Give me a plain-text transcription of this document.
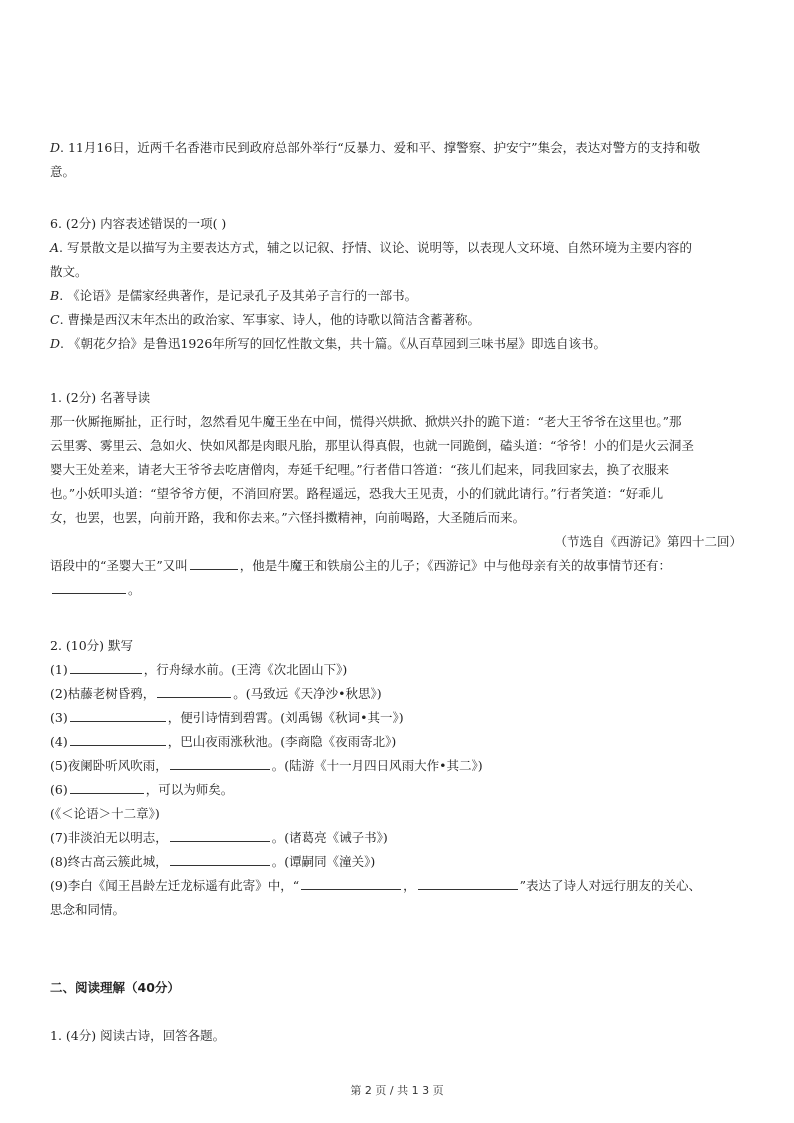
D. 11月16日，近两千名香港市民到政府总部外举行“反暴力、爱和平、撑警察、护安宁”集会，表达对警方的支持和敬
意。
6. (2分) 内容表述错误的一项( )
A. 写景散文是以描写为主要表达方式，辅之以记叙、抒情、议论、说明等，以表现人文环境、自然环境为主要内容的
散文。
B. 《论语》是儒家经典著作，是记录孔子及其弟子言行的一部书。
C. 曹操是西汉末年杰出的政治家、军事家、诗人，他的诗歌以简洁含蓄著称。
D. 《朝花夕拾》是鲁迅1926年所写的回忆性散文集，共十篇。《从百草园到三味书屋》即选自该书。
1. (2分) 名著导读
那一伙厮拖厮扯，正行时，忽然看见牛魔王坐在中间，慌得兴烘掀、掀烘兴扑的跪下道：“老大王爷爷在这里也。”那
云里雾、雾里云、急如火、快如风都是肉眼凡胎，那里认得真假，也就一同跪倒，磕头道：“爷爷！小的们是火云洞圣
婴大王处差来，请老大王爷爷去吃唐僧肉，寿延千纪哩。”行者借口答道：“孩儿们起来，同我回家去，换了衣服来
也。”小妖叩头道：“望爷爷方便，不消回府罢。路程遥远，恐我大王见责，小的们就此请行。”行者笑道：“好乖儿
女，也罢，也罢，向前开路，我和你去来。”六怪抖擞精神，向前喝路，大圣随后而来。
（节选自《西游记》第四十二回）
语段中的“圣婴大王”又叫	，他是牛魔王和铁扇公主的儿子；《西游记》中与他母亲有关的故事情节还有：
。
2. (10分) 默写
(1)	，行舟绿水前。(王湾《次北固山下》)
(2)枯藤老树昏鸦，	。(马致远《天净沙•秋思》)
(3)	，便引诗情到碧霄。(刘禹锡《秋词•其一》)
(4)	，巴山夜雨涨秋池。(李商隐《夜雨寄北》)
(5)夜阑卧听风吹雨，	。(陆游《十一月四日风雨大作•其二》)
(6)	，可以为师矣。
(《＜论语＞十二章》)
(7)非淡泊无以明志，	。(诸葛亮《诫子书》)
(8)终古高云簇此城，	。(谭嗣同《潼关》)
(9)李白《闻王昌龄左迁龙标遥有此寄》中，“	，	”表达了诗人对远行朋友的关心、
思念和同情。
二、阅读理解（40分）
1. (4分) 阅读古诗，回答各题。
第 2 页 / 共 1 3 页
